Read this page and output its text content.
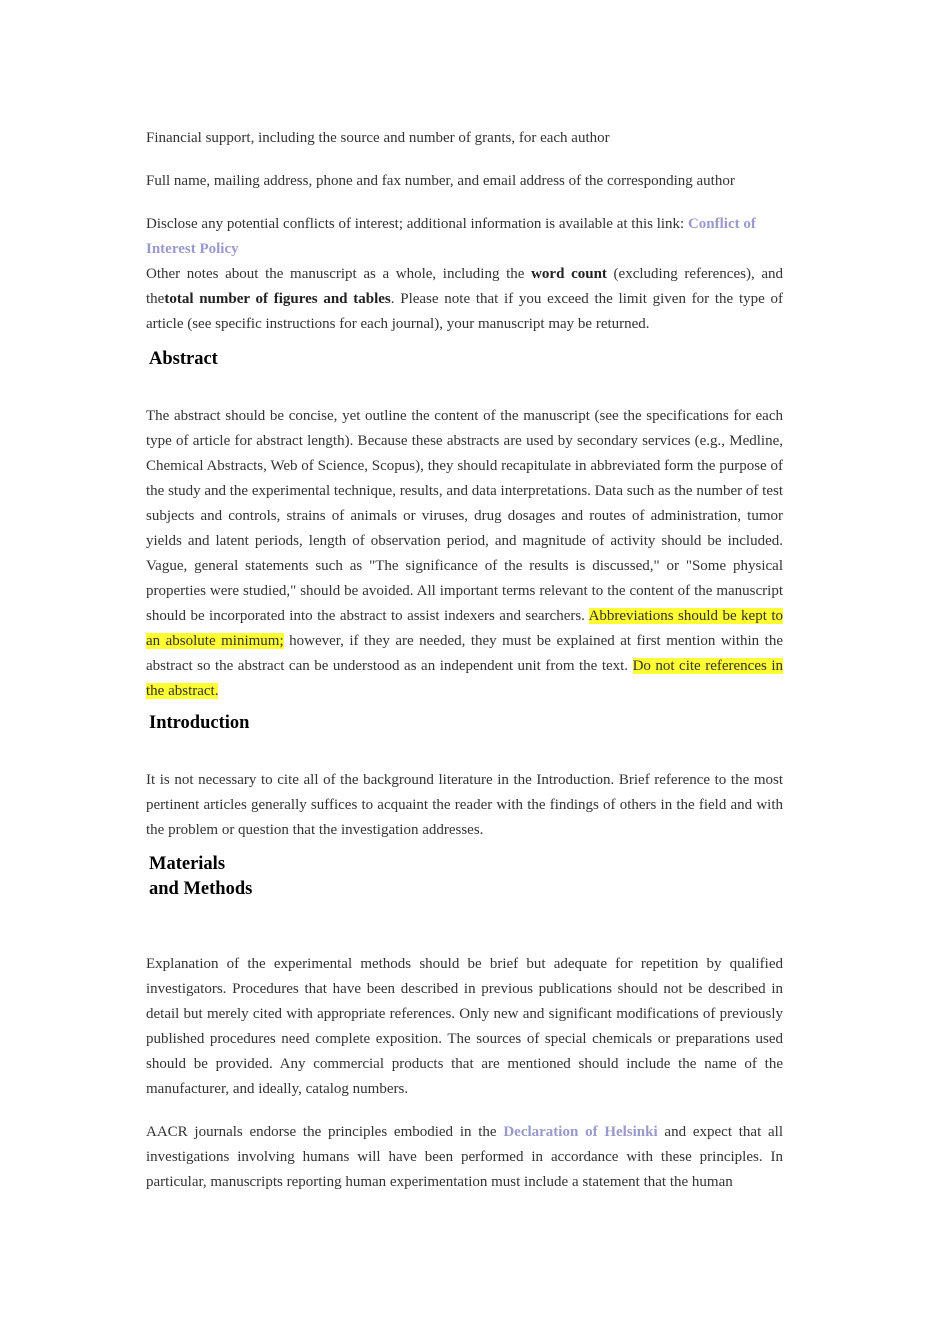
Financial support, including the source and number of grants, for each author

Full name, mailing address, phone and fax number, and email address of the corresponding author

Disclose any potential conflicts of interest; additional information is available at this link: Conflict of Interest Policy

Other notes about the manuscript as a whole, including the word count (excluding references), and thetotal number of figures and tables. Please note that if you exceed the limit given for the type of article (see specific instructions for each journal), your manuscript may be returned.

Abstract

The abstract should be concise, yet outline the content of the manuscript (see the specifications for each type of article for abstract length). Because these abstracts are used by secondary services (e.g., Medline, Chemical Abstracts, Web of Science, Scopus), they should recapitulate in abbreviated form the purpose of the study and the experimental technique, results, and data interpretations. Data such as the number of test subjects and controls, strains of animals or viruses, drug dosages and routes of administration, tumor yields and latent periods, length of observation period, and magnitude of activity should be included. Vague, general statements such as "The significance of the results is discussed," or "Some physical properties were studied," should be avoided. All important terms relevant to the content of the manuscript should be incorporated into the abstract to assist indexers and searchers. Abbreviations should be kept to an absolute minimum; however, if they are needed, they must be explained at first mention within the abstract so the abstract can be understood as an independent unit from the text. Do not cite references in the abstract.

Introduction

It is not necessary to cite all of the background literature in the Introduction. Brief reference to the most pertinent articles generally suffices to acquaint the reader with the findings of others in the field and with the problem or question that the investigation addresses.

Materials
and Methods

Explanation of the experimental methods should be brief but adequate for repetition by qualified investigators. Procedures that have been described in previous publications should not be described in detail but merely cited with appropriate references. Only new and significant modifications of previously published procedures need complete exposition. The sources of special chemicals or preparations used should be provided. Any commercial products that are mentioned should include the name of the manufacturer, and ideally, catalog numbers.

AACR journals endorse the principles embodied in the Declaration of Helsinki and expect that all investigations involving humans will have been performed in accordance with these principles. In particular, manuscripts reporting human experimentation must include a statement that the human
